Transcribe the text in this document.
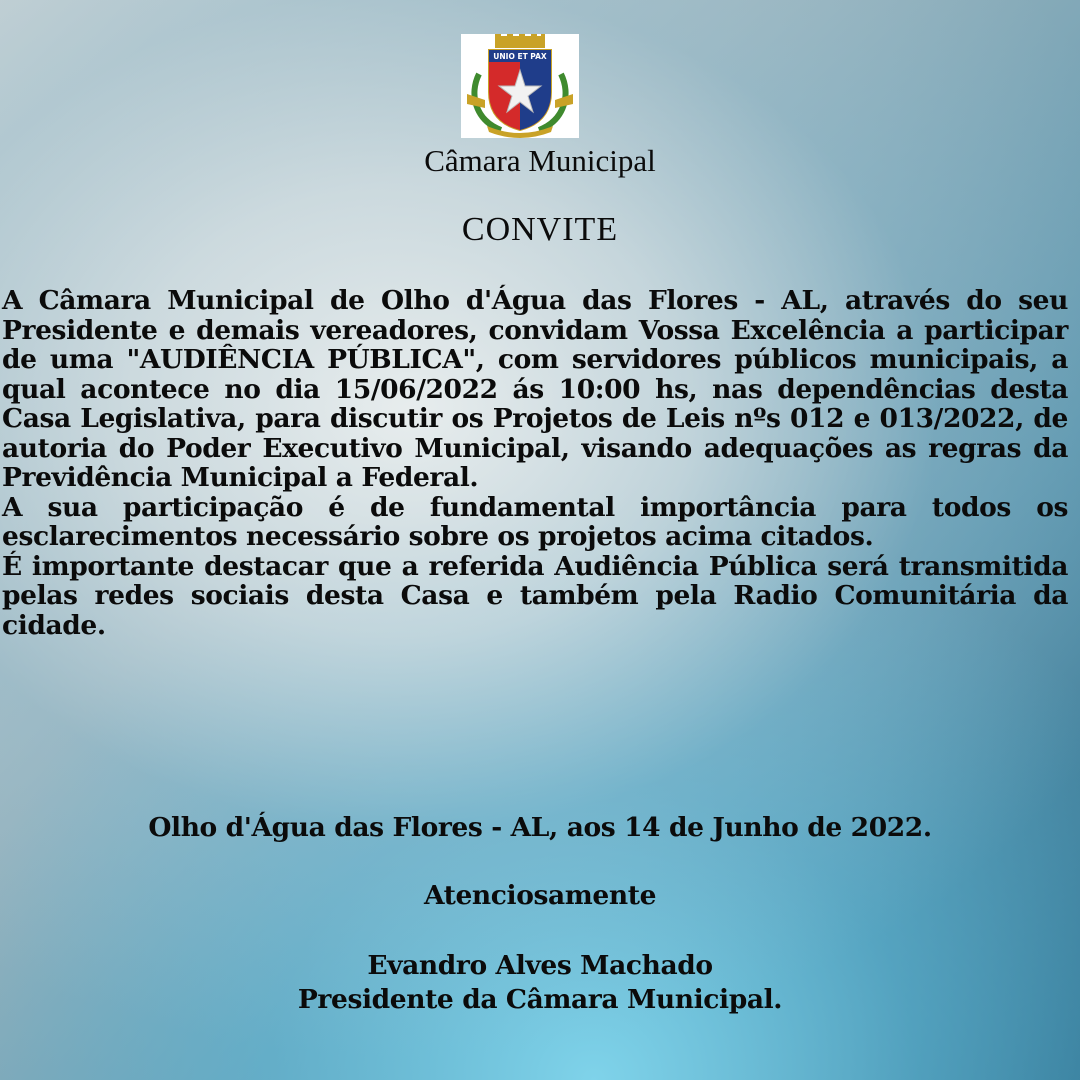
UNIO ET PAX
Câmara Municipal
CONVITE

A Câmara Municipal de Olho d'Água das Flores - AL, através do seu Presidente e demais vereadores, convidam Vossa Excelência a participar de uma "AUDIÊNCIA PÚBLICA", com servidores públicos municipais, a qual acontece no dia 15/06/2022 ás 10:00 hs, nas dependências desta Casa Legislativa, para discutir os Projetos de Leis nºs 012 e 013/2022, de autoria do Poder Executivo Municipal, visando adequações as regras da Previdência Municipal a Federal.

A sua participação é de fundamental importância para todos os esclarecimentos necessário sobre os projetos acima citados.

É importante destacar que a referida Audiência Pública será transmitida pelas redes sociais desta Casa e também pela Radio Comunitária da cidade.

Olho d'Água das Flores - AL, aos 14 de Junho de 2022.
Atenciosamente
Evandro Alves Machado
Presidente da Câmara Municipal.
